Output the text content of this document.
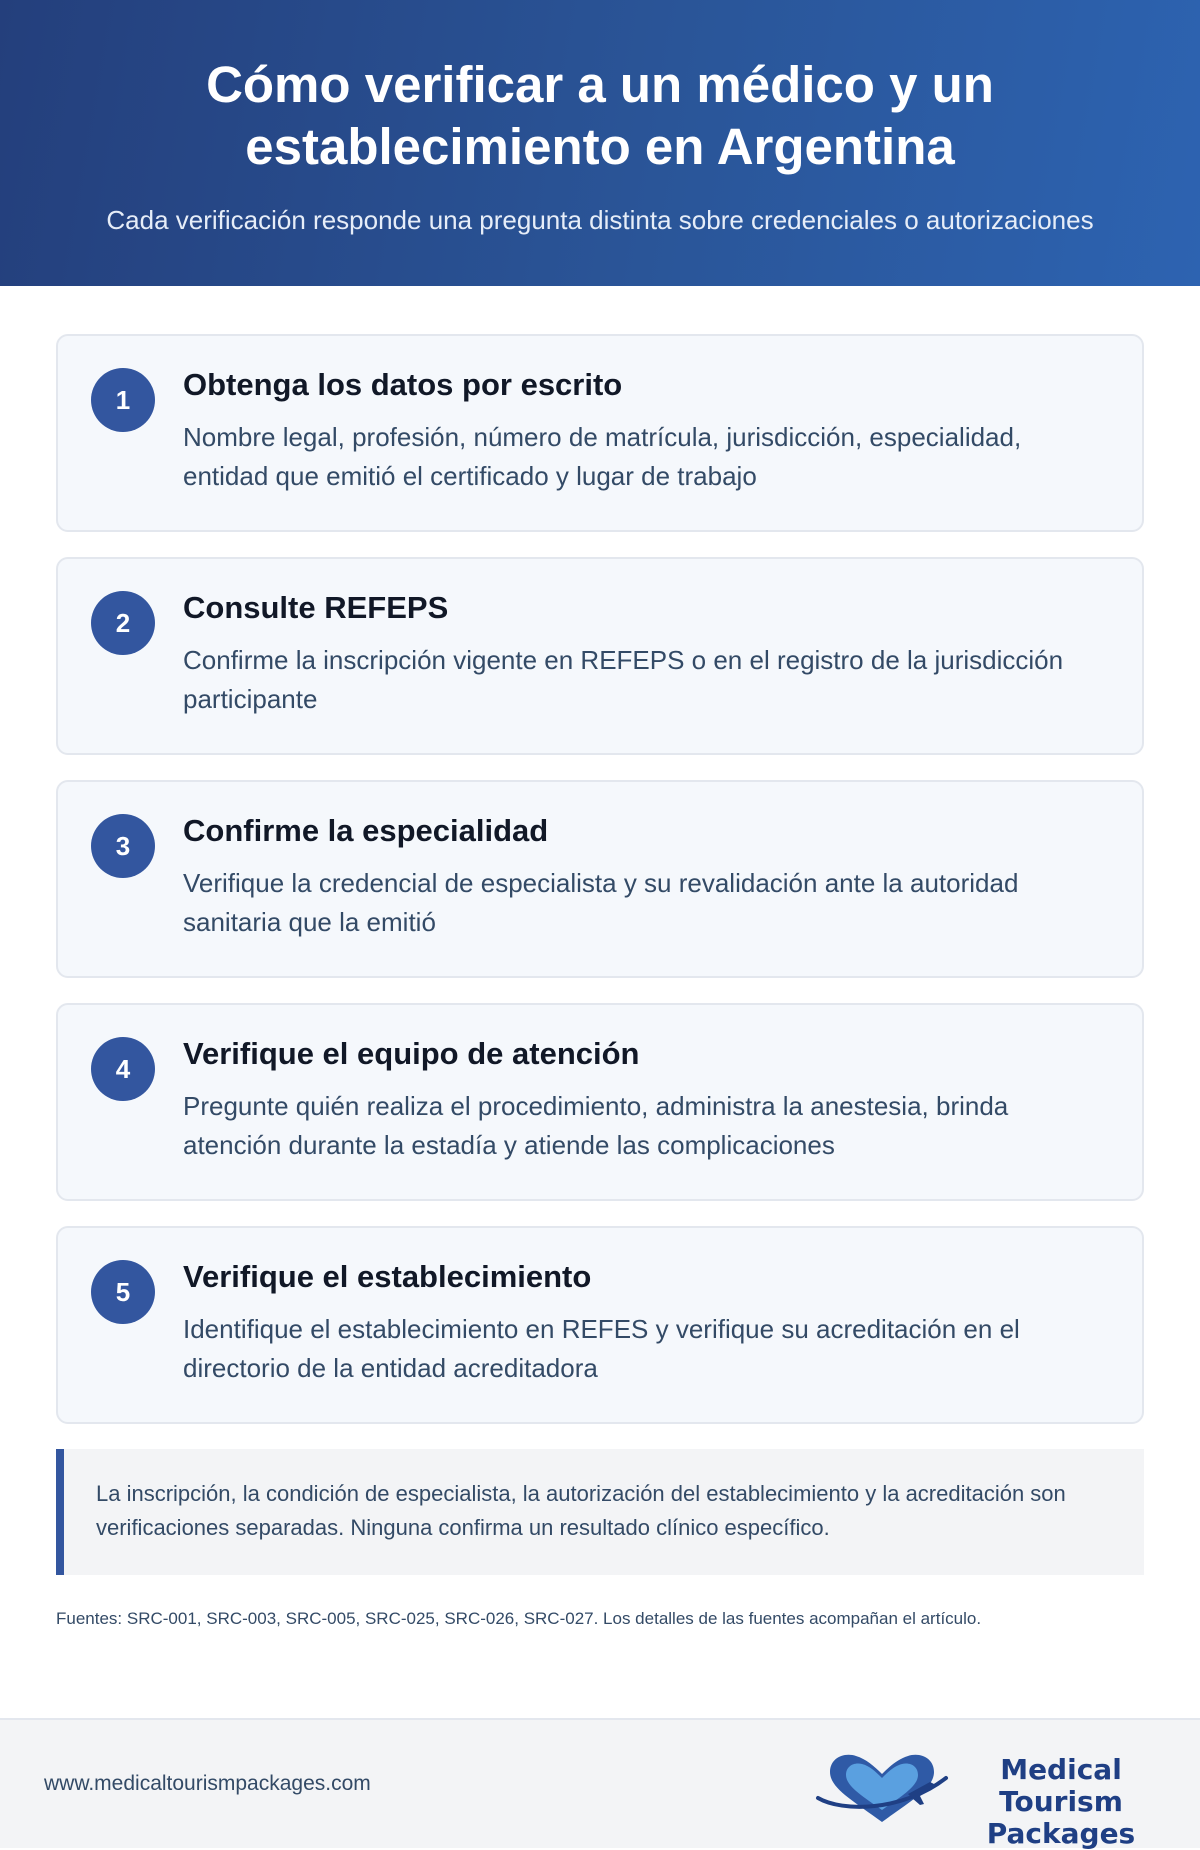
Cómo verificar a un médico y un establecimiento en Argentina
Cada verificación responde una pregunta distinta sobre credenciales o autorizaciones
1	Obtenga los datos por escrito
Nombre legal, profesión, número de matrícula, jurisdicción, especialidad, entidad que emitió el certificado y lugar de trabajo
2	Consulte REFEPS
Confirme la inscripción vigente en REFEPS o en el registro de la jurisdicción participante
3	Confirme la especialidad
Verifique la credencial de especialista y su revalidación ante la autoridad sanitaria que la emitió
4	Verifique el equipo de atención
Pregunte quién realiza el procedimiento, administra la anestesia, brinda atención durante la estadía y atiende las complicaciones
5	Verifique el establecimiento
Identifique el establecimiento en REFES y verifique su acreditación en el directorio de la entidad acreditadora
La inscripción, la condición de especialista, la autorización del establecimiento y la acreditación son verificaciones separadas. Ninguna confirma un resultado clínico específico.
Fuentes: SRC-001, SRC-003, SRC-005, SRC-025, SRC-026, SRC-027. Los detalles de las fuentes acompañan el artículo.
www.medicaltourismpackages.com	Medical Tourism
Packages
